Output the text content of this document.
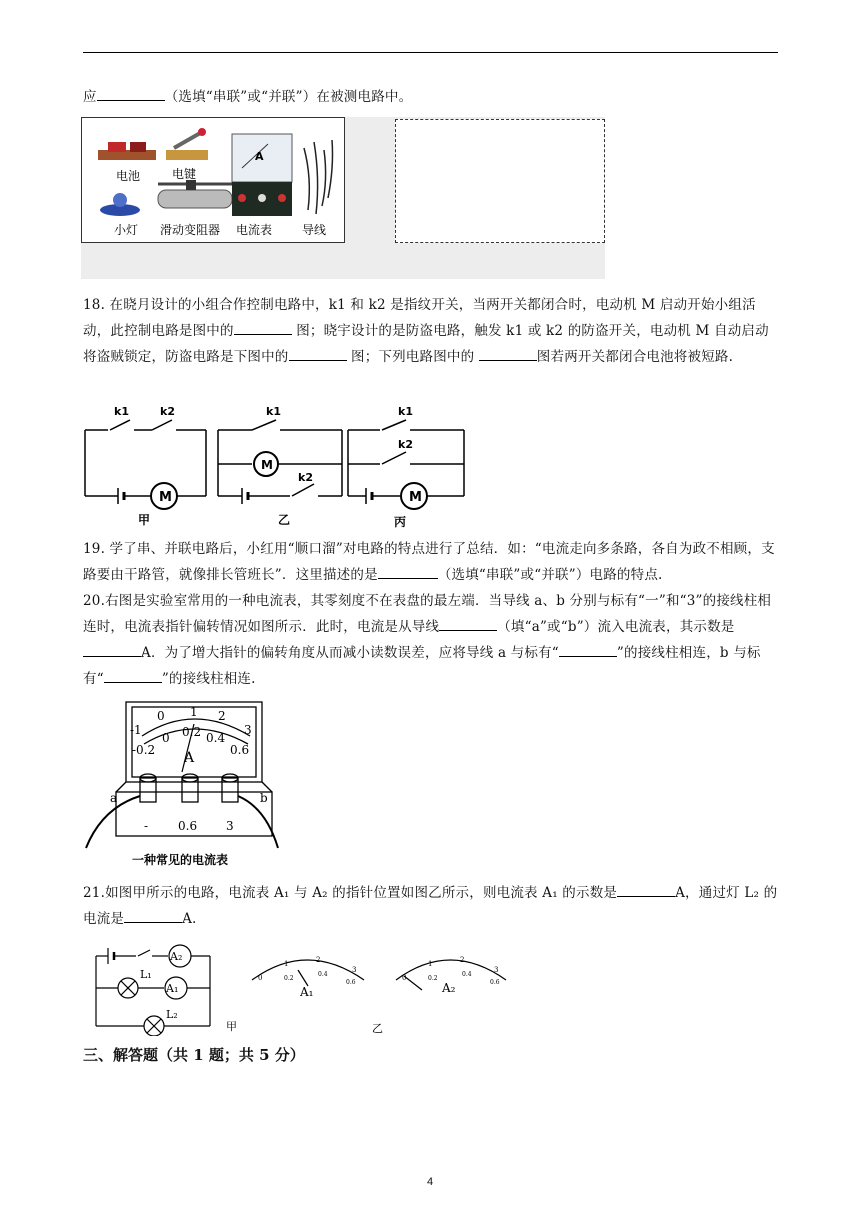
应	（选填“串联”或“并联”）在被测电路中。
A
电池	电键
小灯 滑动变阻器 电流表 导线
18. 在晓月设计的小组合作控制电路中，k1 和 k2 是指纹开关，当两开关都闭合时，电动机 M 启动开始小组活动，此控制电路是图中的	图；晓宇设计的是防盗电路，触发 k1 或 k2 的防盗开关，电动机 M 自动启动将盗贼锁定，防盗电路是下图中的	图；下列电路图中的	图若两开关都闭合电池将被短路.
k1	k2
M
甲
k1
M
k2
乙
k1
k2
M
丙
19. 学了串、并联电路后，小红用“顺口溜”对电路的特点进行了总结．如：“电流走向多条路，各自为政不相顾，支路要由干路管，就像排长管班长”．这里描述的是	（选填“串联”或“并联”）电路的特点.
20.右图是实验室常用的一种电流表，其零刻度不在表盘的最左端．当导线 a、b 分别与标有“一”和“3”的接线柱相连时，电流表指针偏转情况如图所示．此时，电流是从导线	（填“a”或“b”）流入电流表，其示数是A．为了增大指针的偏转角度从而减小读数误差，应将导线 a 与标有“	”的接线柱相连，b 与标有“	”的接线柱相连.
-1
0 1 2
3
-0.2
0 0.2 0.4
0.6
A
- 0.6 3
a	b
一种常见的电流表
21.如图甲所示的电路，电流表 A₁ 与 A₂ 的指针位置如图乙所示，则电流表 A₁ 的示数是	A，通过灯 L₂ 的电流是	A.
A₂
A₁
L₁
L₂
甲	乙
A₁	A₂
0
1	2
3
0.2
0.4
0.6
0
1	2
3
0.2
0.4
0.6
三、解答题（共 1 题；共 5 分）
4
